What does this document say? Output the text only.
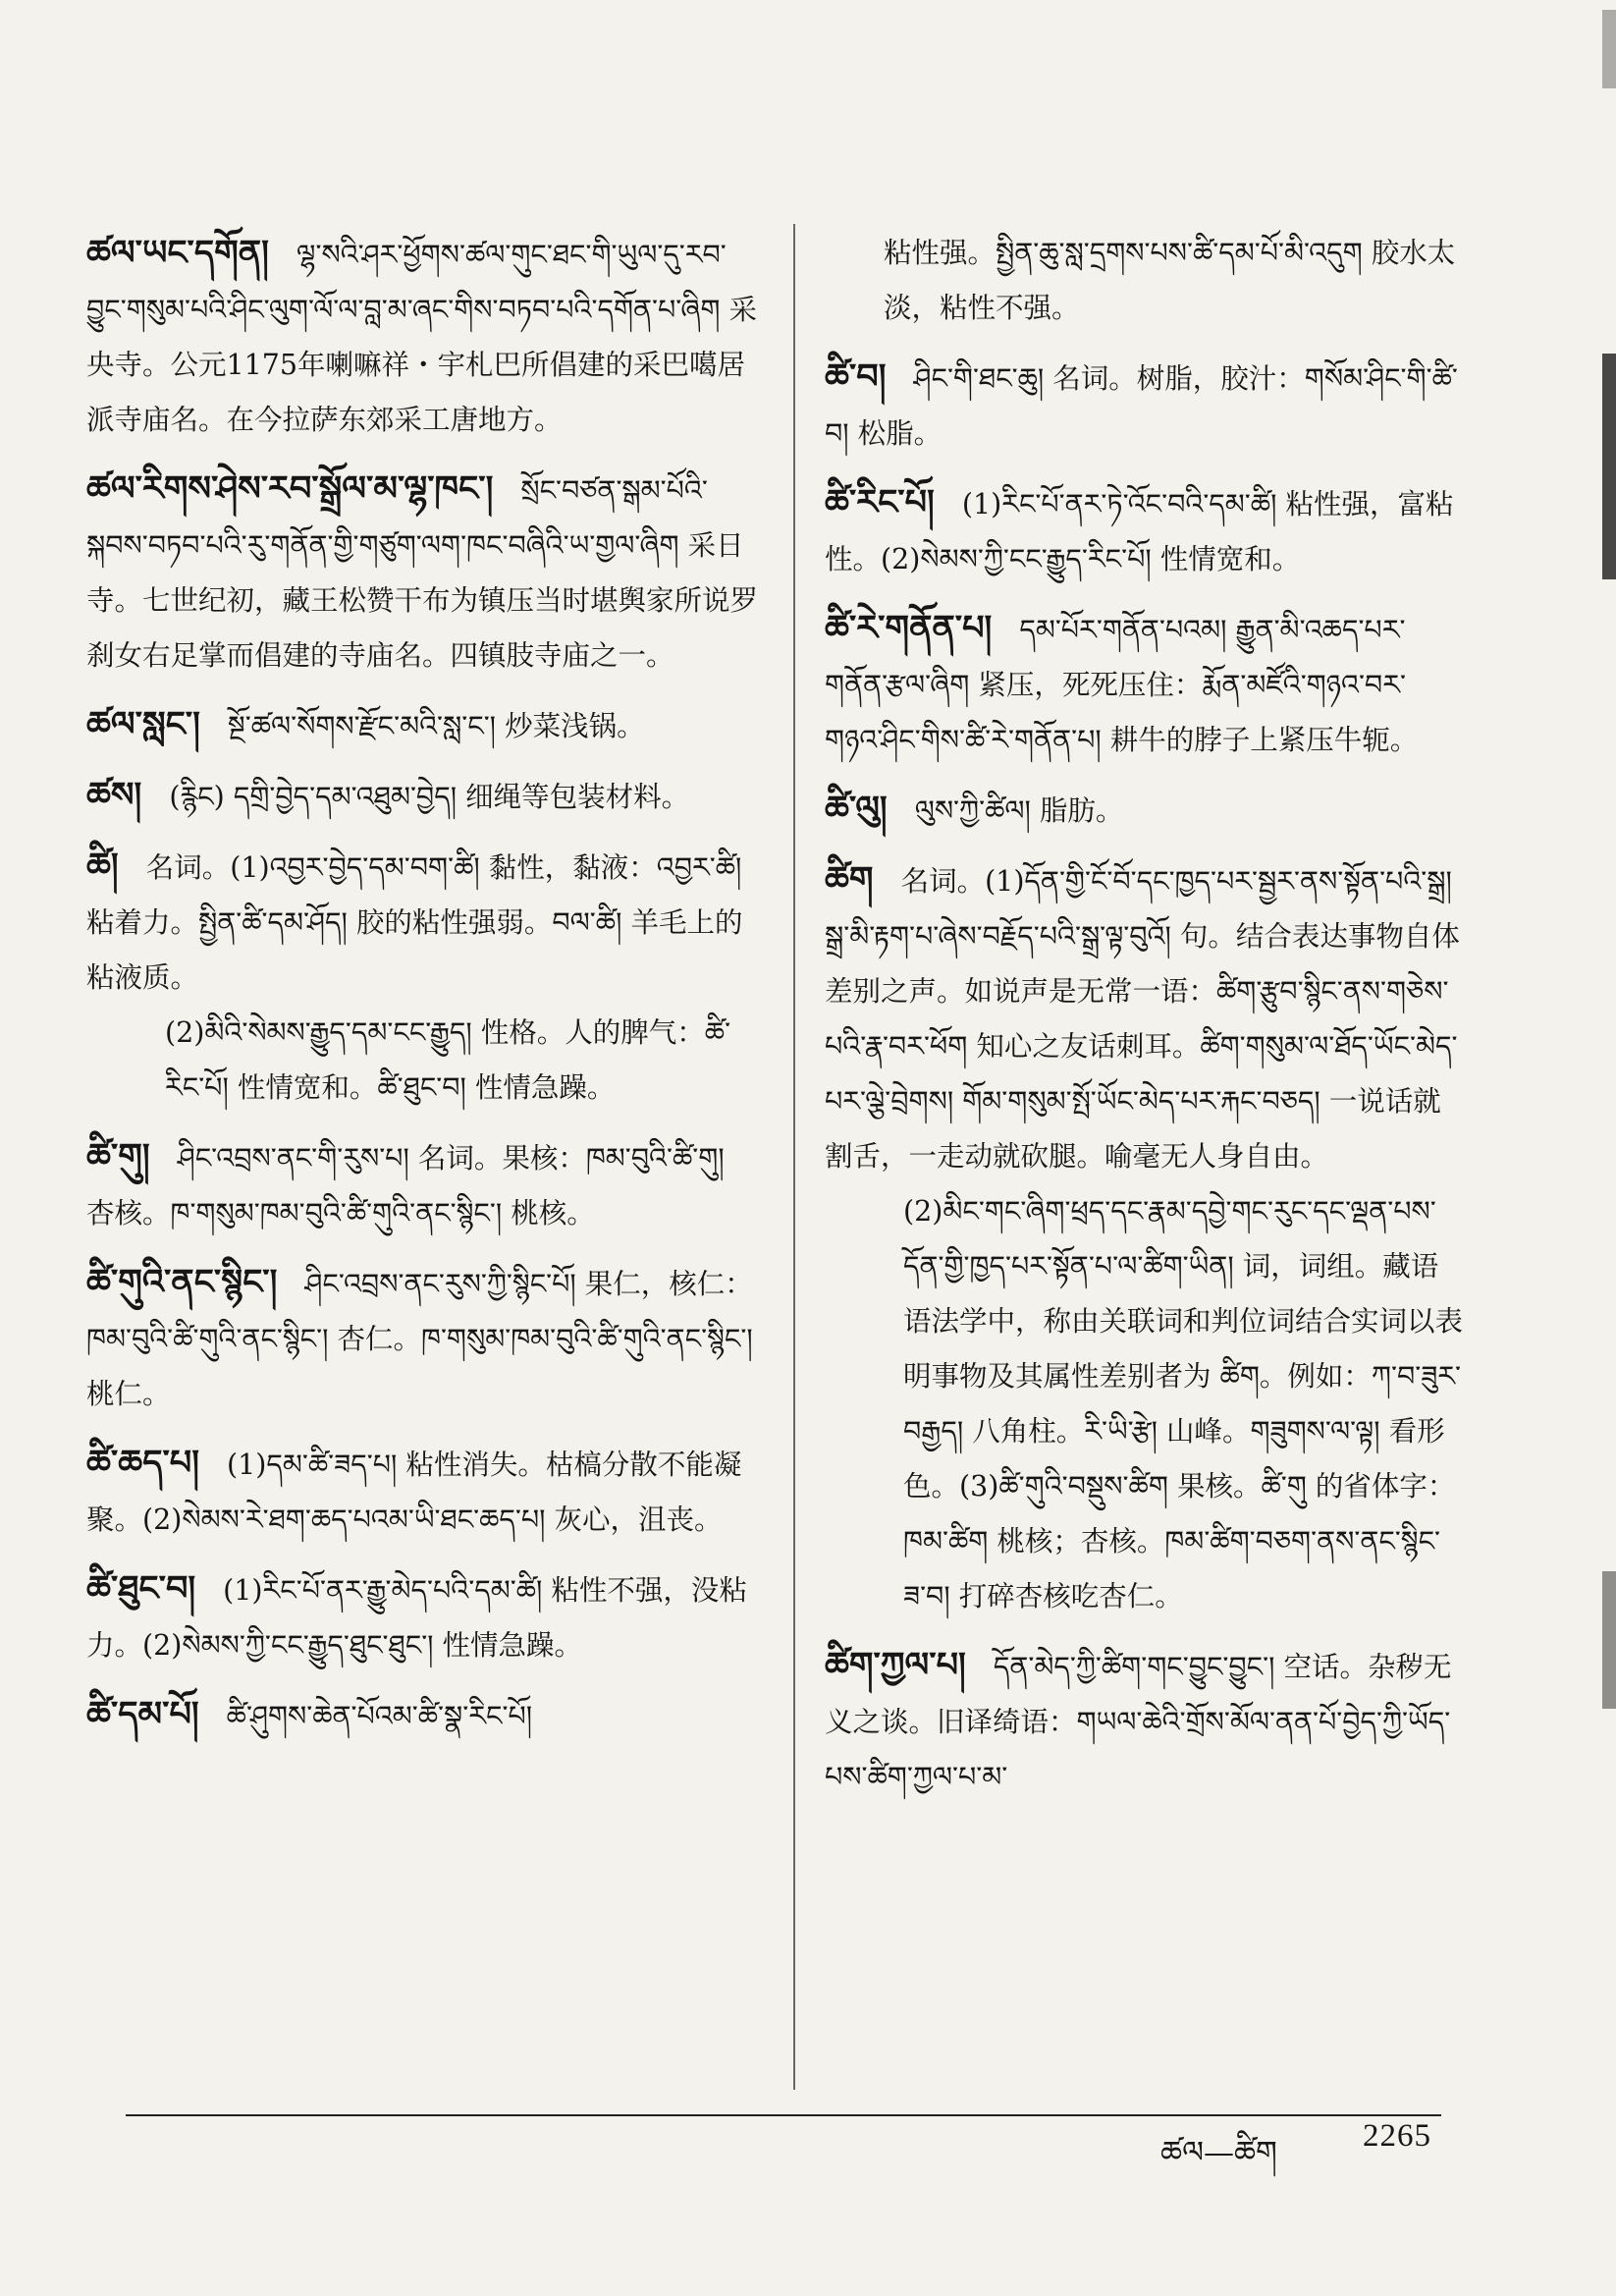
ཚལ་ཡང་དགོན། ལྷ་སའི་ཤར་ཕྱོགས་ཚལ་གུང་ཐང་གི་ཡུལ་དུ་རབ་བྱུང་གསུམ་པའི་ཤིང་ལུག་ལོ་ལ་བླ་མ་ཞང་གིས་བཏབ་པའི་དགོན་པ་ཞིག 采央寺。公元1175年喇嘛祥・宇札巴所倡建的采巴噶居派寺庙名。在今拉萨东郊采工唐地方。
ཚལ་རིགས་ཤེས་རབ་སྒྲོལ་མ་ལྷ་ཁང་། སྲོང་བཙན་སྒམ་པོའི་སྐབས་བཏབ་པའི་རུ་གནོན་གྱི་གཙུག་ལག་ཁང་བཞིའི་ཡ་གྱལ་ཞིག 采日寺。七世纪初，藏王松赞干布为镇压当时堪舆家所说罗刹女右足掌而倡建的寺庙名。四镇肢寺庙之一。
ཚལ་སླང་། སྔོ་ཚལ་སོགས་རྫོང་མའི་སླ་ང་། 炒菜浅锅。
ཚས། (རྙིང) དགྲི་བྱེད་དམ་འཐུམ་བྱེད། 细绳等包装材料。
ཚི། 名词。(1)འབྱར་བྱེད་དམ་བག་ཚི། 黏性，黏液：འབྱར་ཚི། 粘着力。སྤྱིན་ཚི་དམ་ཤོད། 胶的粘性强弱。བལ་ཚི། 羊毛上的粘液质。
(2)མིའི་སེམས་རྒྱུད་དམ་ངང་རྒྱུད། 性格。人的脾气：ཚི་རིང་པོ། 性情宽和。ཚི་ཐུང་བ། 性情急躁。
ཚི་གུ། ཤིང་འབྲས་ནང་གི་རུས་པ། 名词。果核：ཁམ་བུའི་ཚི་གུ། 杏核。ཁ་གསུམ་ཁམ་བུའི་ཚི་གུའི་ནང་སྙིང་། 桃核。
ཚི་གུའི་ནང་སྙིང་། ཤིང་འབྲས་ནང་རུས་ཀྱི་སྙིང་པོ། 果仁，核仁：ཁམ་བུའི་ཚི་གུའི་ནང་སྙིང་། 杏仁。ཁ་གསུམ་ཁམ་བུའི་ཚི་གུའི་ནང་སྙིང་། 桃仁。
ཚི་ཆད་པ། (1)དམ་ཚི་ཟད་པ། 粘性消失。枯槁分散不能凝聚。(2)སེམས་རེ་ཐག་ཆད་པའམ་ཡི་ཐང་ཆད་པ། 灰心，沮丧。
ཚི་ཐུང་བ། (1)རིང་པོ་ནར་རྒྱུ་མེད་པའི་དམ་ཚི། 粘性不强，没粘力。(2)སེམས་ཀྱི་ངང་རྒྱུད་ཐུང་ཐུང་། 性情急躁。
ཚི་དམ་པོ། ཚི་ཤུགས་ཆེན་པོའམ་ཚི་སྣ་རིང་པོ།
粘性强。སྤྱིན་ཆུ་སླ་དྲགས་པས་ཚི་དམ་པོ་མི་འདུག 胶水太淡，粘性不强。
ཚི་བ། ཤིང་གི་ཐང་ཆུ། 名词。树脂，胶汁：གསོམ་ཤིང་གི་ཚི་བ། 松脂。
ཚི་རིང་པོ། (1)རིང་པོ་ནར་ཏེ་འོང་བའི་དམ་ཚི། 粘性强，富粘性。(2)སེམས་ཀྱི་ངང་རྒྱུད་རིང་པོ། 性情宽和。
ཚི་རེ་གནོན་པ། དམ་པོར་གནོན་པའམ། རྒྱུན་མི་འཆད་པར་གནོན་རྩལ་ཞིག 紧压，死死压住：རྨོན་མཛོའི་གཉའ་བར་གཉའ་ཤིང་གིས་ཚི་རེ་གནོན་པ། 耕牛的脖子上紧压牛轭。
ཚི་ལུ། ལུས་ཀྱི་ཚིལ། 脂肪。
ཚིག 名词。(1)དོན་གྱི་ངོ་བོ་དང་ཁྱད་པར་སྦྱར་ནས་སྟོན་པའི་སྒྲ། སྒྲ་མི་རྟག་པ་ཞེས་བརྗོད་པའི་སྒྲ་ལྟ་བུའོ། 句。结合表达事物自体差别之声。如说声是无常一语：ཚིག་རྩུབ་སྙིང་ནས་གཅེས་པའི་རྣ་བར་ཕོག 知心之友话刺耳。ཚིག་གསུམ་ལ་ཐོད་ཡོང་མེད་པར་ལྕེ་བྲེགས། གོམ་གསུམ་སྤོ་ཡོང་མེད་པར་རྐང་བཅད། 一说话就割舌，一走动就砍腿。喻毫无人身自由。
(2)མིང་གང་ཞིག་ཕྲད་དང་རྣམ་དབྱེ་གང་རུང་དང་ལྡན་པས་དོན་གྱི་ཁྱད་པར་སྟོན་པ་ལ་ཚིག་ཡིན། 词，词组。藏语语法学中，称由关联词和判位词结合实词以表明事物及其属性差别者为 ཚིག。例如：ཀ་བ་ཟུར་བརྒྱད། 八角柱。རི་ཡི་རྩེ། 山峰。གཟུགས་ལ་ལྟ། 看形色。(3)ཚི་གུའི་བསྡུས་ཚིག 果核。ཚི་གུ 的省体字：ཁམ་ཚིག 桃核；杏核。ཁམ་ཚིག་བཅག་ནས་ནང་སྙིང་ཟ་བ། 打碎杏核吃杏仁。
ཚིག་ཀྱལ་པ། དོན་མེད་ཀྱི་ཚིག་གང་བྱུང་བྱུང་། 空话。杂秽无义之谈。旧译绮语：གཡལ་ཆེའི་གྲོས་མོལ་ནན་པོ་བྱེད་ཀྱི་ཡོད་པས་ཚིག་ཀྱལ་པ་མ་
ཚལ—ཚིག	2265
